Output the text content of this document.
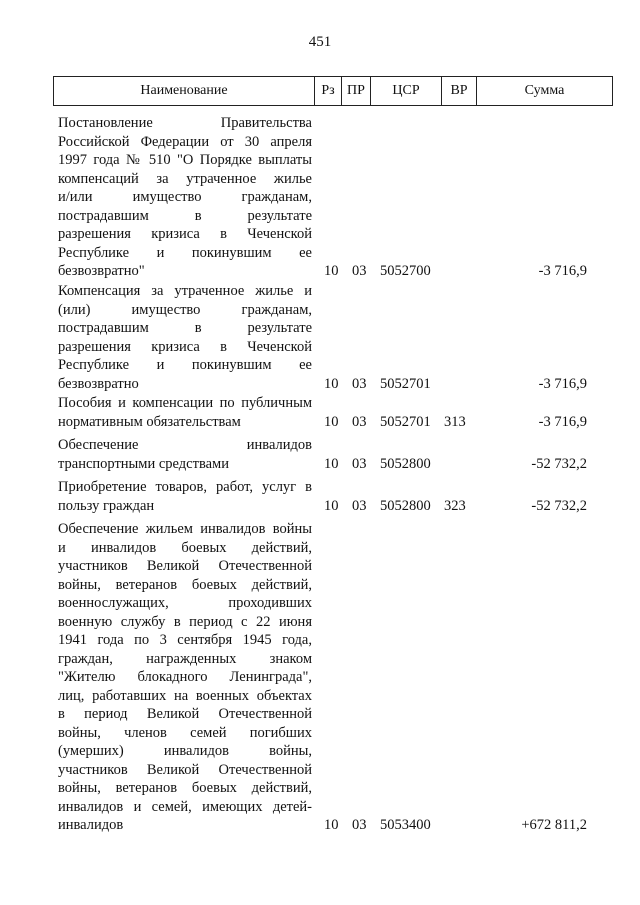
451
Наименование	Рз ПР	ЦСР	ВР	Сумма
Постановление Правительства
Российской Федерации от 30 апреля
1997 года № 510 "О Порядке выплаты
компенсаций за утраченное жилье
и/или имущество гражданам,
пострадавшим в результате
разрешения кризиса в Чеченской
Республике и покинувшим ее
безвозвратно"	10 03 5052700	-3 716,9
Компенсация за утраченное жилье и
(или) имущество гражданам,
пострадавшим в результате
разрешения кризиса в Чеченской
Республике и покинувшим ее
безвозвратно	10 03 5052701	-3 716,9
Пособия и компенсации по публичным
нормативным обязательствам	10 03 5052701 313	-3 716,9
Обеспечение инвалидов
транспортными средствами	10 03 5052800	-52 732,2
Приобретение товаров, работ, услуг в
пользу граждан	10 03 5052800 323	-52 732,2
Обеспечение жильем инвалидов войны
и инвалидов боевых действий,
участников Великой Отечественной
войны, ветеранов боевых действий,
военнослужащих, проходивших
военную службу в период с 22 июня
1941 года по 3 сентября 1945 года,
граждан, награжденных знаком
"Жителю блокадного Ленинграда",
лиц, работавших на военных объектах
в период Великой Отечественной
войны, членов семей погибших
(умерших) инвалидов войны,
участников Великой Отечественной
войны, ветеранов боевых действий,
инвалидов и семей, имеющих детей-
инвалидов	10 03 5053400	+672 811,2
